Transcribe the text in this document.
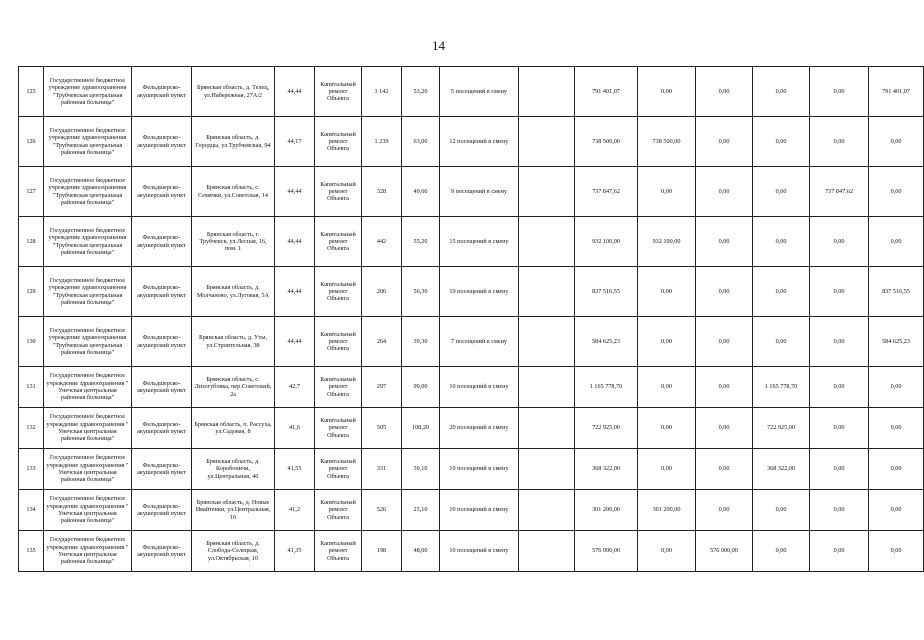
14
125	Государственное бюджетное учреждение здравоохранения "Трубчевская центральная районная больница"	Фельдшерско-акушерский пункт	Брянская область, д. Телец, ул.Набережная, 27А/2	44,44	Капитальный ремонт Объекта	1 142	53,20	5 посещений в смену		791 401,07	0,00	0,00	0,00	0,00	791 401,07
126	Государственное бюджетное учреждение здравоохранения "Трубчевская центральная районная больница"	Фельдшерско-акушерский пункт	Брянская область, д. Городцы, ул.Трубчевская, 94	44,17	Капитальный ремонт Объекта	1 239	63,00	12 посещений в смену		738 500,00	738 500,00	0,00	0,00	0,00	0,00
127	Государственное бюджетное учреждение здравоохранения "Трубчевская центральная районная больница"	Фельдшерско-акушерский пункт	Брянская область, с. Семячки, ул.Советская, 14	44,44	Капитальный ремонт Объекта	328	49,60	9 посещений в смену		737 847,62	0,00	0,00	0,00	737 847,62	0,00
128	Государственное бюджетное учреждение здравоохранения "Трубчевская центральная районная больница"	Фельдшерско-акушерский пункт	Брянская область, г. Трубчевск, ул.Лесная, 16, пом. 1	44,44	Капитальный ремонт Объекта	442	55,20	15 посещений в смену		932 100,00	932 100,00	0,00	0,00	0,00	0,00
129	Государственное бюджетное учреждение здравоохранения "Трубчевская центральная районная больница"	Фельдшерско-акушерский пункт	Брянская область, д. Молчаново, ул.Луговая, 5А	44,44	Капитальный ремонт Объекта	206	56,30	19 посещений в смену		837 516,55	0,00	0,00	0,00	0,00	837 516,55
130	Государственное бюджетное учреждение здравоохранения "Трубчевская центральная районная больница"	Фельдшерско-акушерский пункт	Брянская область, д. Уты, ул.Строительная, 38	44,44	Капитальный ремонт Объекта	264	39,30	7 посещений в смену		584 625,23	0,00	0,00	0,00	0,00	584 625,23
131	Государственное бюджетное учреждение здравоохранения " Унечская центральная районная больница"	Фельдшерско-акушерский пункт	Брянская область, с. Лизогубовка, пер.Советский, 2а	42,7	Капитальный ремонт Объекта	297	99,00	10 посещений в смену		1 165 778,70	0,00	0,00	1 165 778,70	0,00	0,00
132	Государственное бюджетное учреждение здравоохранения " Унечская центральная районная больница"	Фельдшерско-акушерский пункт	Брянская область, п. Рассуха, ул.Садовая, 8	41,6	Капитальный ремонт Объекта	505	108,20	20 посещений в смену		722 925,00	0,00	0,00	722 925,00	0,00	0,00
133	Государственное бюджетное учреждение здравоохранения " Унечская центральная районная больница"	Фельдшерско-акушерский пункт	Брянская область, д. Коробоничи, ул.Центральная, 46	41,55	Капитальный ремонт Объекта	331	39,10	10 посещений в смену		368 322,00	0,00	0,00	368 322,00	0,00	0,00
134	Государственное бюджетное учреждение здравоохранения " Унечская центральная районная больница"	Фельдшерско-акушерский пункт	Брянская область, д. Новые Ивайтенки, ул.Центральная, 16	41,2	Капитальный ремонт Объекта	526	25,10	10 посещений в смену		301 200,00	301 200,00	0,00	0,00	0,00	0,00
135	Государственное бюджетное учреждение здравоохранения " Унечская центральная районная больница"	Фельдшерско-акушерский пункт	Брянская область, д. Слобода-Селецкая, ул.Октябрьская, 10	41,35	Капитальный ремонт Объекта	198	48,00	10 посещений в смену		576 000,00	0,00	576 000,00	0,00	0,00	0,00
